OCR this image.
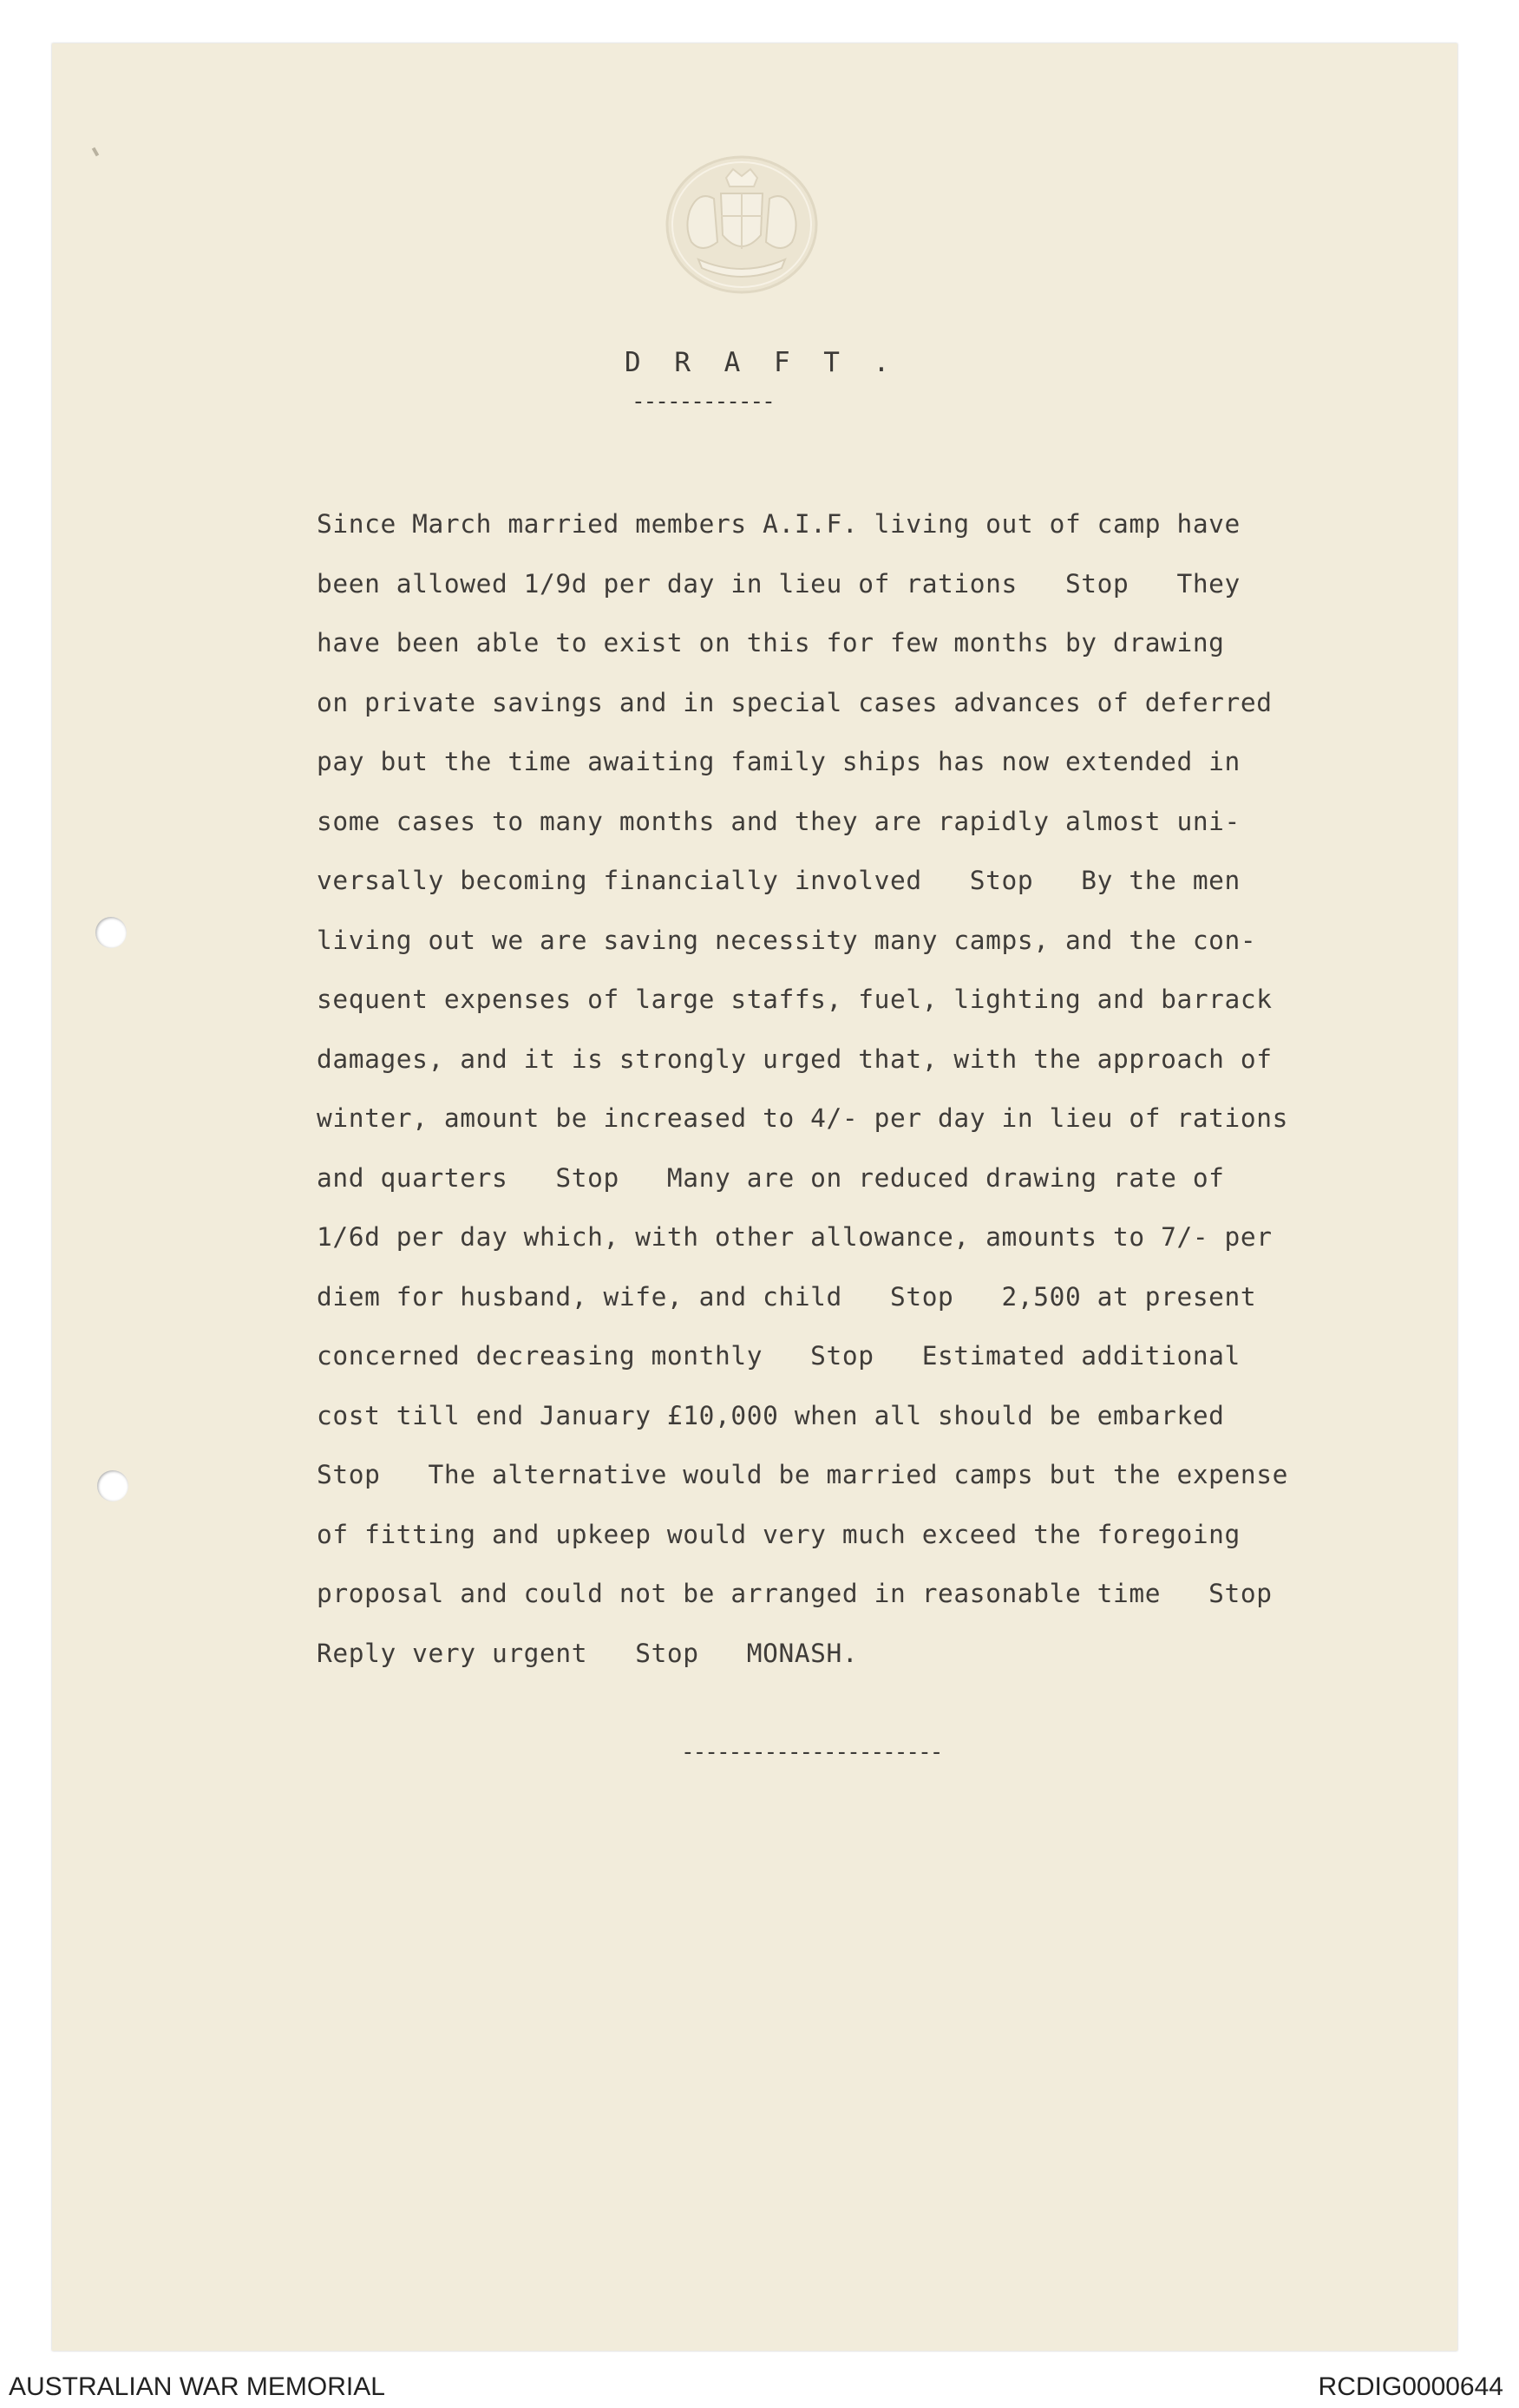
D R A F T .
------------
Since March married members A.I.F. living out of camp have
been allowed 1/9d per day in lieu of rations   Stop   They
have been able to exist on this for few months by drawing
on private savings and in special cases advances of deferred
pay but the time awaiting family ships has now extended in
some cases to many months and they are rapidly almost uni-
versally becoming financially involved   Stop   By the men
living out we are saving necessity many camps, and the con-
sequent expenses of large staffs, fuel, lighting and barrack
damages, and it is strongly urged that, with the approach of
winter, amount be increased to 4/- per day in lieu of rations
and quarters   Stop   Many are on reduced drawing rate of
1/6d per day which, with other allowance, amounts to 7/- per
diem for husband, wife, and child   Stop   2,500 at present
concerned decreasing monthly   Stop   Estimated additional
cost till end January £10,000 when all should be embarked
Stop   The alternative would be married camps but the expense
of fitting and upkeep would very much exceed the foregoing
proposal and could not be arranged in reasonable time   Stop
Reply very urgent   Stop   MONASH.
----------------------
AUSTRALIAN WAR MEMORIAL	RCDIG0000644
